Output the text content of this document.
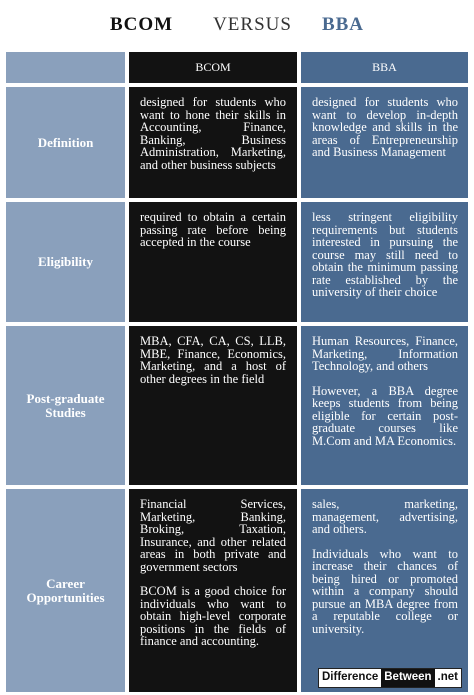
BCOM VERSUS BBA
BCOM	BBA
Definition

designed for students who want to hone their skills in Accounting, Finance, Banking, Business Administration, Marketing, and other business subjects

designed for students who want to develop in-depth knowledge and skills in the areas of Entrepreneurship and Business Management

Eligibility

required to obtain a certain passing rate before being accepted in the course

less stringent eligibility requirements but students interested in pursuing the course may still need to obtain the minimum passing rate established by the university of their choice

Post-graduate Studies

MBA, CFA, CA, CS, LLB, MBE, Finance, Economics, Marketing, and a host of other degrees in the field

Human Resources, Finance, Marketing, Information Technology, and others

However, a BBA degree keeps students from being eligible for certain post-graduate courses like M.Com and MA Economics.

Career Opportunities

Financial Services, Marketing, Banking, Broking, Taxation, Insurance, and other related areas in both private and government sectors

BCOM is a good choice for individuals who want to obtain high-level corporate positions in the fields of finance and accounting.

sales, marketing, management, advertising, and others.

Individuals who want to increase their chances of being hired or promoted within a company should pursue an MBA degree from a reputable college or university.

Difference Between .net
